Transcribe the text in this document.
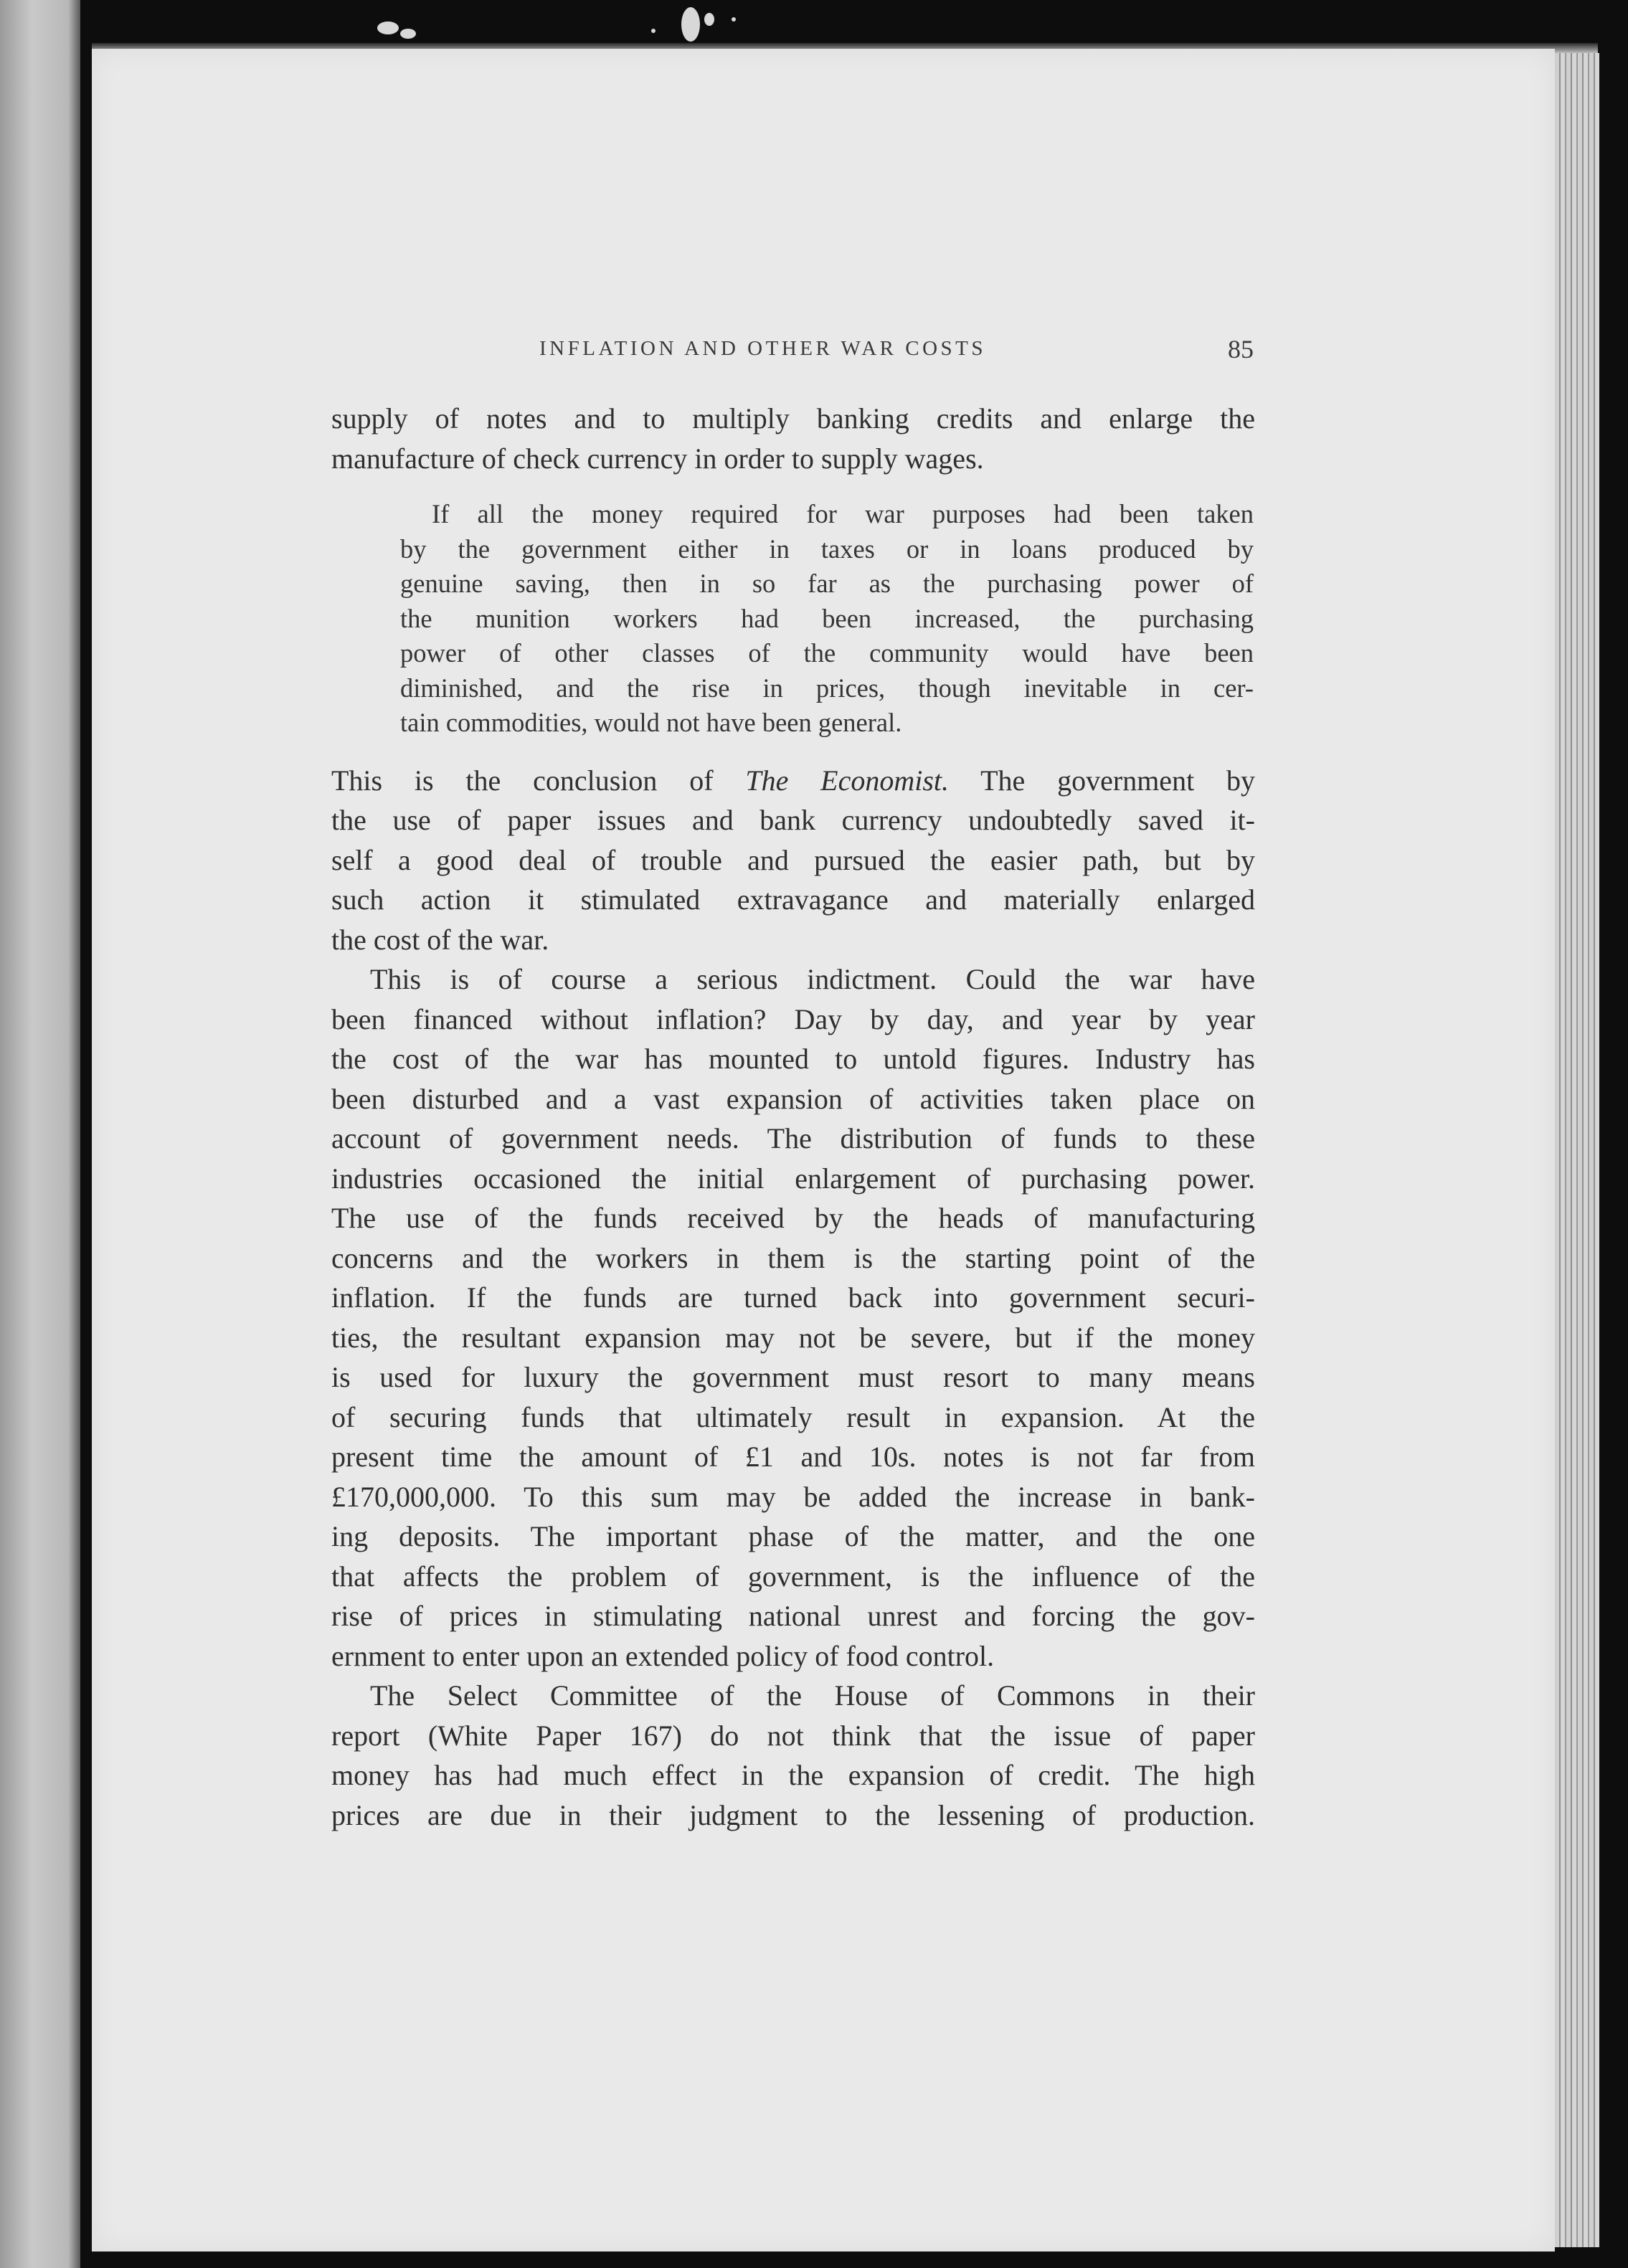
INFLATION AND OTHER WAR COSTS	85

supply of notes and to multiply banking credits and enlarge the
manufacture of check currency in order to supply wages.

If all the money required for war purposes had been taken
by the government either in taxes or in loans produced by
genuine saving, then in so far as the purchasing power of
the munition workers had been increased, the purchasing
power of other classes of the community would have been
diminished, and the rise in prices, though inevitable in cer-
tain commodities, would not have been general.

This is the conclusion of The Economist. The government by
the use of paper issues and bank currency undoubtedly saved it-
self a good deal of trouble and pursued the easier path, but by
such action it stimulated extravagance and materially enlarged
the cost of the war.

This is of course a serious indictment. Could the war have
been financed without inflation? Day by day, and year by year
the cost of the war has mounted to untold figures. Industry has
been disturbed and a vast expansion of activities taken place on
account of government needs. The distribution of funds to these
industries occasioned the initial enlargement of purchasing power.
The use of the funds received by the heads of manufacturing
concerns and the workers in them is the starting point of the
inflation. If the funds are turned back into government securi-
ties, the resultant expansion may not be severe, but if the money
is used for luxury the government must resort to many means
of securing funds that ultimately result in expansion. At the
present time the amount of £1 and 10s. notes is not far from
£170,000,000. To this sum may be added the increase in bank-
ing deposits. The important phase of the matter, and the one
that affects the problem of government, is the influence of the
rise of prices in stimulating national unrest and forcing the gov-
ernment to enter upon an extended policy of food control.

The Select Committee of the House of Commons in their
report (White Paper 167) do not think that the issue of paper
money has had much effect in the expansion of credit. The high
prices are due in their judgment to the lessening of production.
